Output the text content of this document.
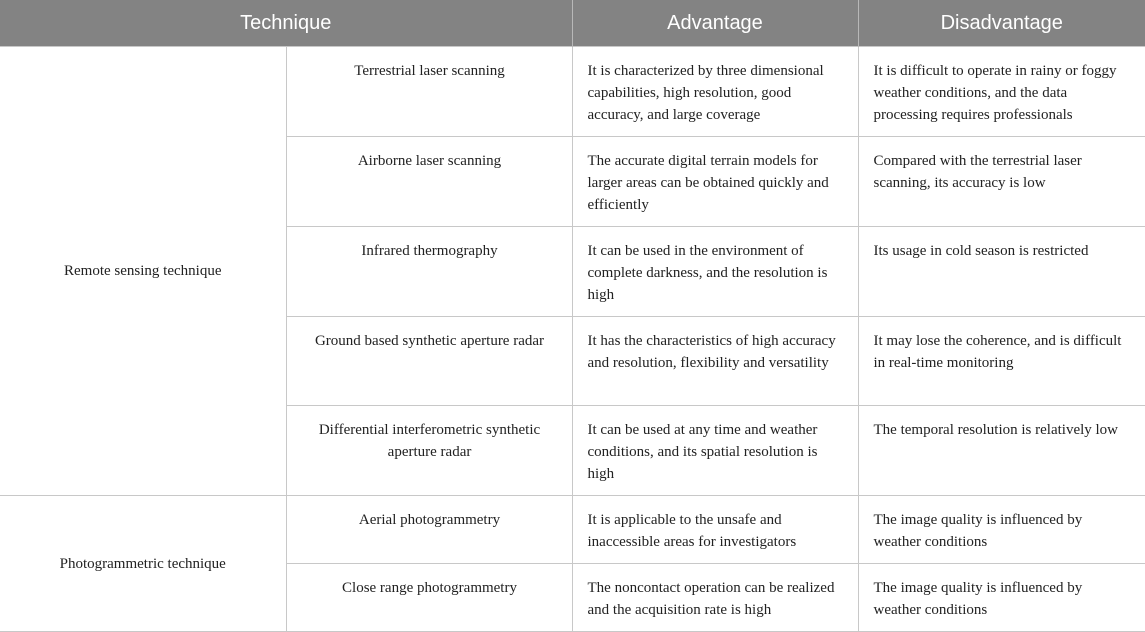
Technique		Advantage	Disadvantage
Remote sensing technique	Terrestrial laser scanning	It is characterized by three dimensional capabilities, high resolution, good accuracy, and large coverage	It is difficult to operate in rainy or foggy weather conditions, and the data processing requires professionals
	Airborne laser scanning	The accurate digital terrain models for larger areas can be obtained quickly and efficiently	Compared with the terrestrial laser scanning, its accuracy is low
	Infrared thermography	It can be used in the environment of complete darkness, and the resolution is high	Its usage in cold season is restricted
	Ground based synthetic aperture radar	It has the characteristics of high accuracy and resolution, flexibility and versatility	It may lose the coherence, and is difficult in real-time monitoring
	Differential interferometric synthetic aperture radar	It can be used at any time and weather conditions, and its spatial resolution is high	The temporal resolution is relatively low
Photogrammetric technique	Aerial photogrammetry	It is applicable to the unsafe and inaccessible areas for investigators	The image quality is influenced by weather conditions
	Close range photogrammetry	The noncontact operation can be realized and the acquisition rate is high	The image quality is influenced by weather conditions
